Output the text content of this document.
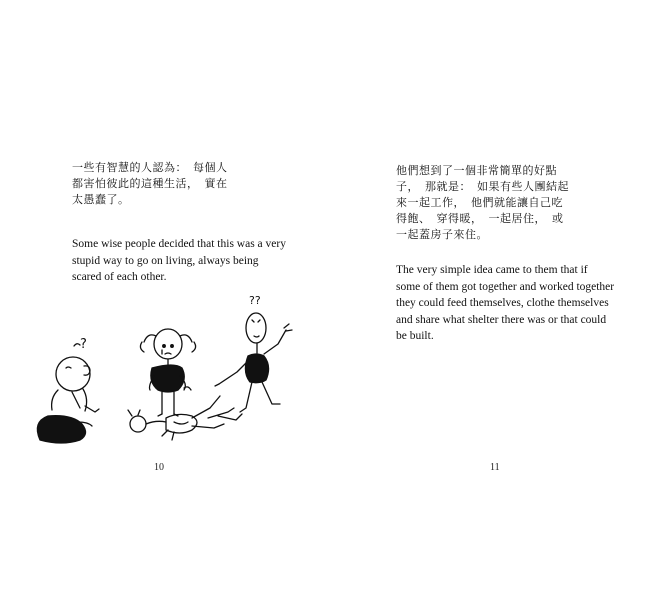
一些有智慧的人認為：　每個人
都害怕彼此的這種生活，　實在
太愚蠢了。
Some wise people decided that this was a very
stupid way to go on living, always being
scared of each other.
?
??
10
他們想到了一個非常簡單的好點
子，　那就是：　如果有些人團結起
來一起工作，　他們就能讓自己吃
得飽、　穿得暖，　一起居住，　或
一起蓋房子來住。
The very simple idea came to them that if
some of them got together and worked together
they could feed themselves, clothe themselves
and share what shelter there was or that could
be built.
11
